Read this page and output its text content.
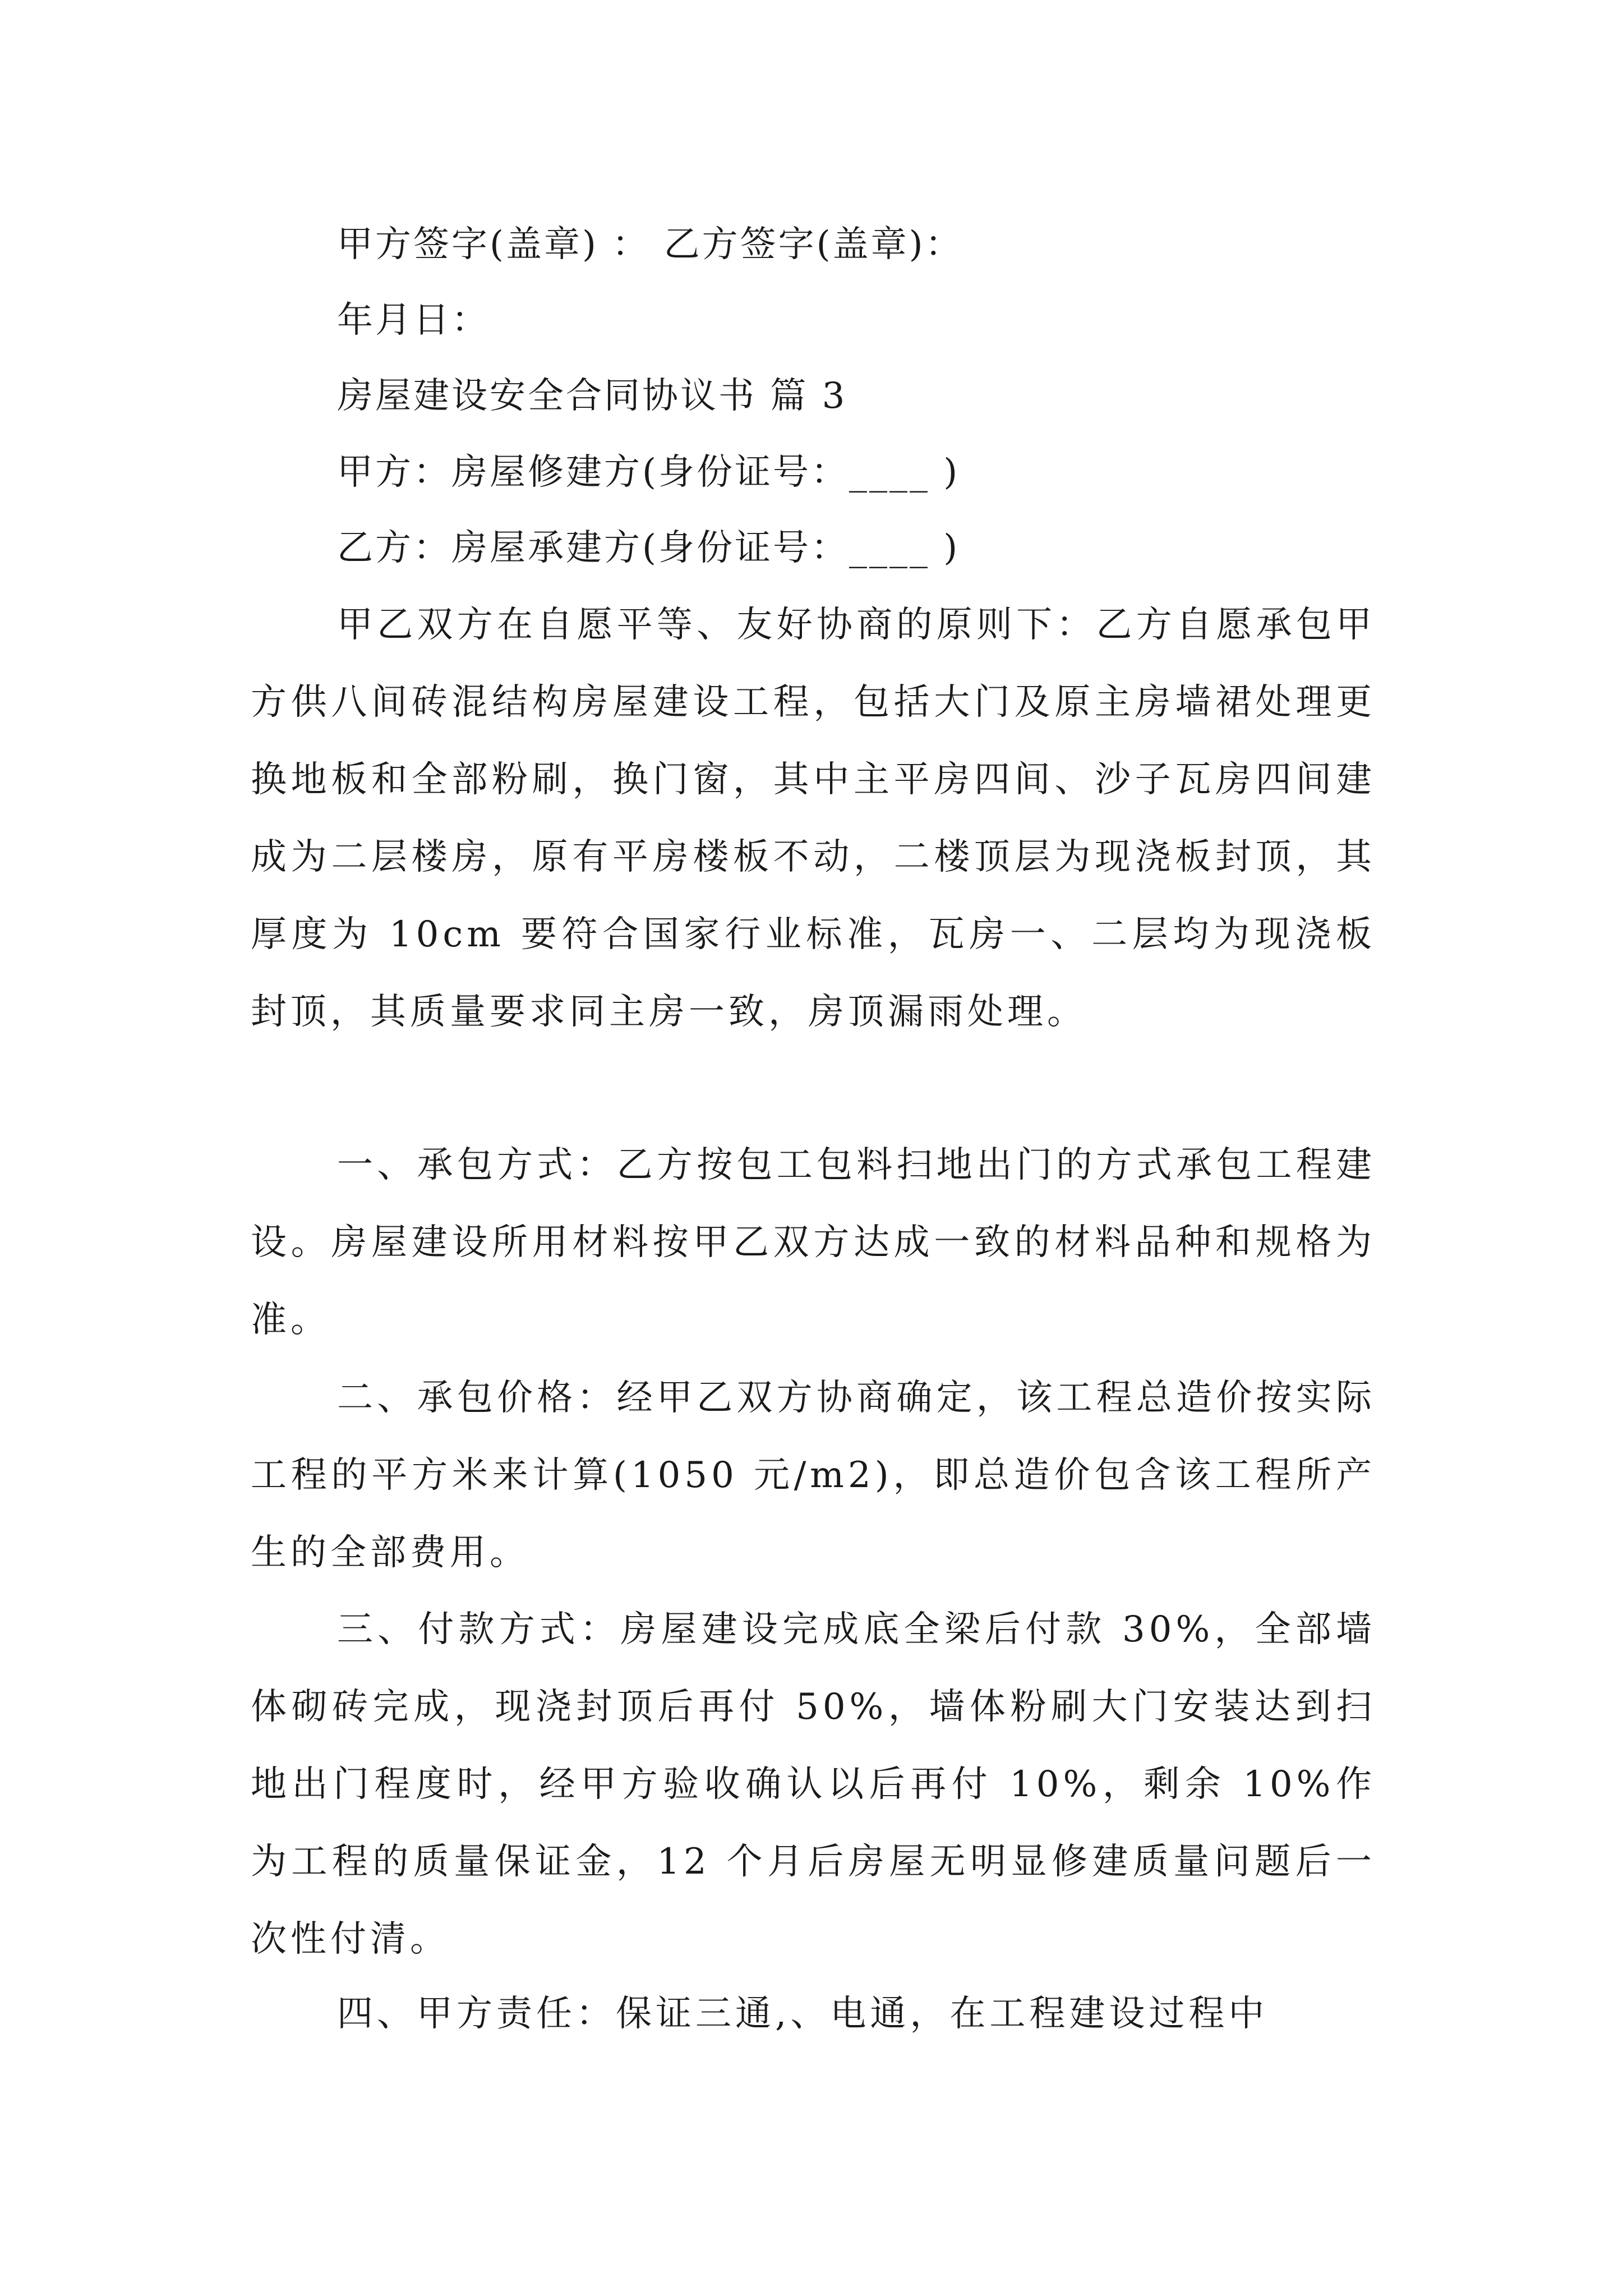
甲方签字(盖章) ： 乙方签字(盖章)：
年月日：
房屋建设安全合同协议书 篇 3
甲方：房屋修建方(身份证号：____ )
乙方：房屋承建方(身份证号：____ )
甲乙双方在自愿平等、友好协商的原则下：乙方自愿承包甲方供八间砖混结构房屋建设工程，包括大门及原主房墙裙处理更换地板和全部粉刷，换门窗，其中主平房四间、沙子瓦房四间建成为二层楼房，原有平房楼板不动，二楼顶层为现浇板封顶，其厚度为 10cm 要符合国家行业标准，瓦房一、二层均为现浇板封顶，其质量要求同主房一致，房顶漏雨处理。
一、承包方式：乙方按包工包料扫地出门的方式承包工程建设。房屋建设所用材料按甲乙双方达成一致的材料品种和规格为准。
二、承包价格：经甲乙双方协商确定，该工程总造价按实际工程的平方米来计算(1050 元/m2)，即总造价包含该工程所产生的全部费用。
三、付款方式：房屋建设完成底全梁后付款 30%，全部墙体砌砖完成，现浇封顶后再付 50%，墙体粉刷大门安装达到扫地出门程度时，经甲方验收确认以后再付 10%，剩余 10%作为工程的质量保证金，12 个月后房屋无明显修建质量问题后一次性付清。
四、甲方责任：保证三通,、电通，在工程建设过程中
